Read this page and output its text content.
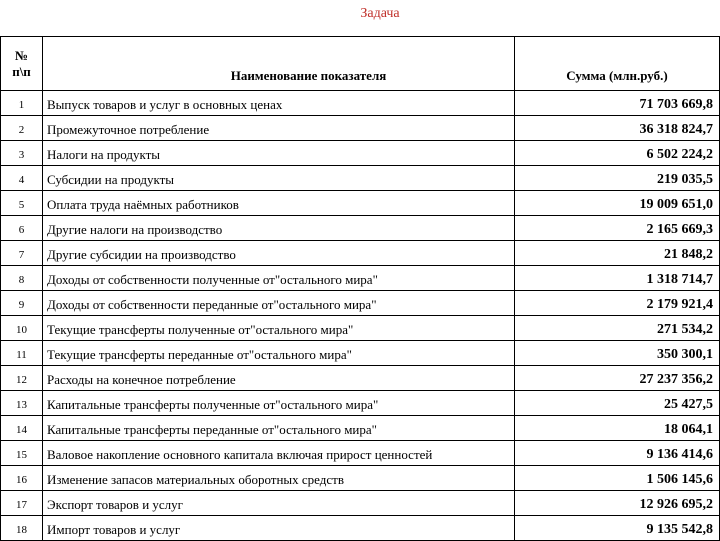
Задача
№
п\п	Наименование показателя	Сумма (млн.руб.)
1	Выпуск товаров и услуг в основных ценах	71 703 669,8
2	Промежуточное потребление	36 318 824,7
3	Налоги на продукты	6 502 224,2
4	Субсидии на продукты	219 035,5
5	Оплата труда наёмных работников	19 009 651,0
6	Другие налоги на производство	2 165 669,3
7	Другие субсидии на производство	21 848,2
8	Доходы от собственности полученные от"остального мира"	1 318 714,7
9	Доходы от собственности переданные от"остального мира"	2 179 921,4
10	Текущие трансферты полученные от"остального мира"	271 534,2
11	Текущие трансферты переданные от"остального мира"	350 300,1
12	Расходы на конечное потребление	27 237 356,2
13	Капитальные трансферты полученные от"остального мира"	25 427,5
14	Капитальные трансферты переданные от"остального мира"	18 064,1
15	Валовое накопление основного капитала включая прирост ценностей	9 136 414,6
16	Изменение запасов материальных оборотных средств	1 506 145,6
17	Экспорт товаров и услуг	12 926 695,2
18	Импорт товаров и услуг	9 135 542,8
